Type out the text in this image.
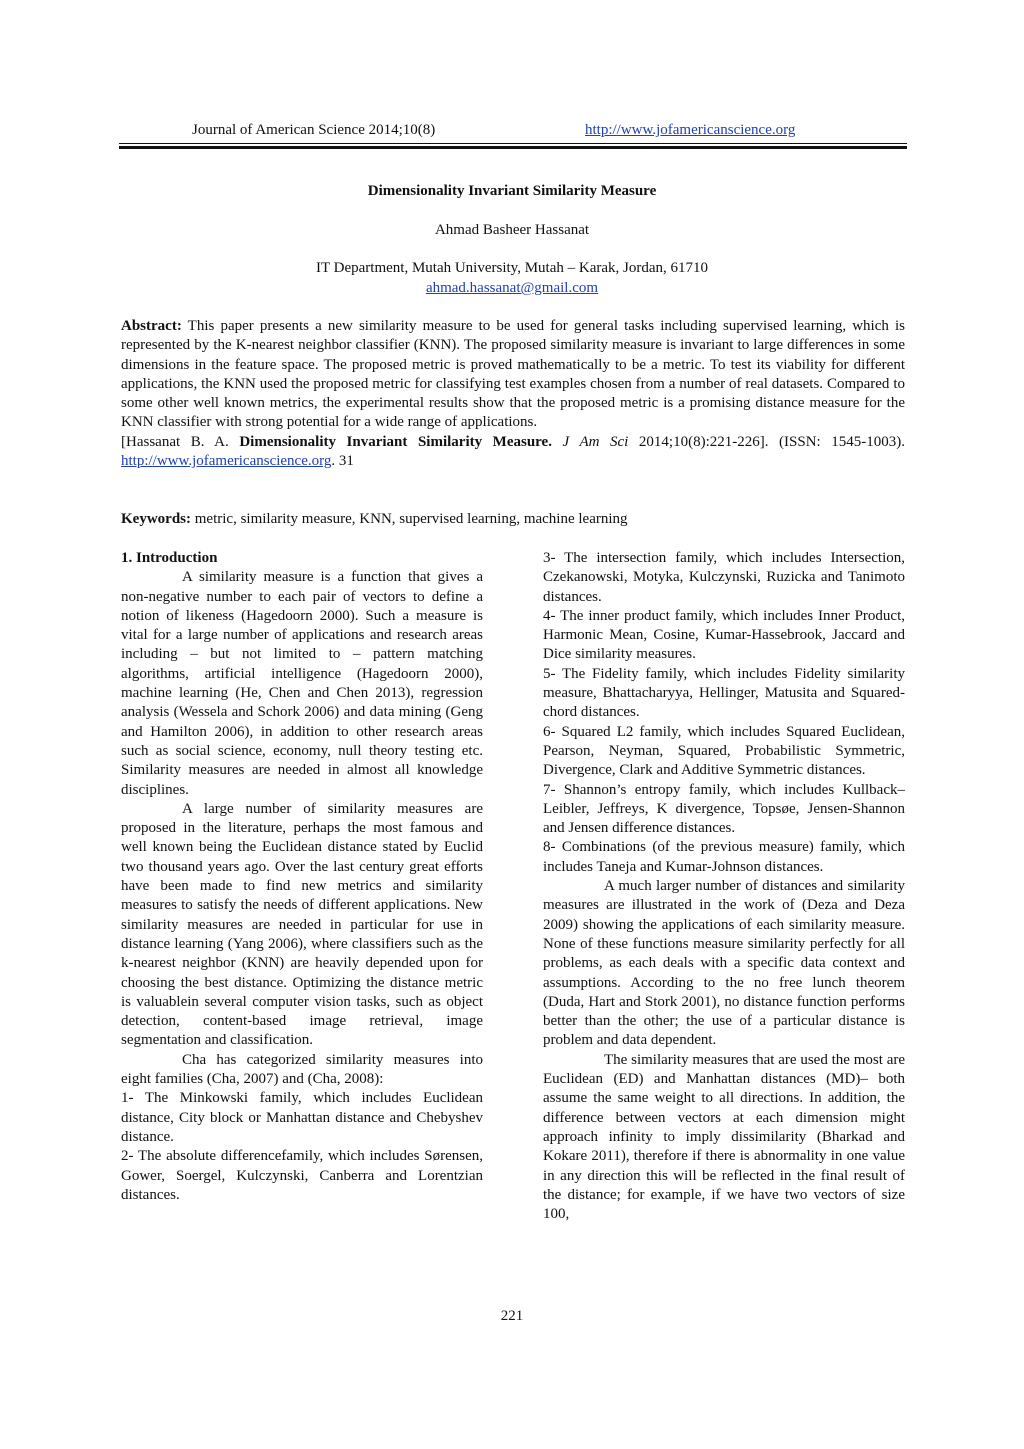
Journal of American Science 2014;10(8)	http://www.jofamericanscience.org
Dimensionality Invariant Similarity Measure
Ahmad Basheer Hassanat
IT Department, Mutah University, Mutah – Karak, Jordan, 61710
ahmad.hassanat@gmail.com

Abstract: This paper presents a new similarity measure to be used for general tasks including supervised learning, which is represented by the K-nearest neighbor classifier (KNN). The proposed similarity measure is invariant to large differences in some dimensions in the feature space. The proposed metric is proved mathematically to be a metric. To test its viability for different applications, the KNN used the proposed metric for classifying test examples chosen from a number of real datasets. Compared to some other well known metrics, the experimental results show that the proposed metric is a promising distance measure for the KNN classifier with strong potential for a wide range of applications.

[Hassanat B. A. Dimensionality Invariant Similarity Measure. J Am Sci 2014;10(8):221-226]. (ISSN: 1545-1003). http://www.jofamericanscience.org. 31

Keywords: metric, similarity measure, KNN, supervised learning, machine learning

1. Introduction

A similarity measure is a function that gives a non-negative number to each pair of vectors to define a notion of likeness (Hagedoorn 2000). Such a measure is vital for a large number of applications and research areas including – but not limited to – pattern matching algorithms, artificial intelligence (Hagedoorn 2000), machine learning (He, Chen and Chen 2013), regression analysis (Wessela and Schork 2006) and data mining (Geng and Hamilton 2006), in addition to other research areas such as social science, economy, null theory testing etc. Similarity measures are needed in almost all knowledge disciplines.

A large number of similarity measures are proposed in the literature, perhaps the most famous and well known being the Euclidean distance stated by Euclid two thousand years ago. Over the last century great efforts have been made to find new metrics and similarity measures to satisfy the needs of different applications. New similarity measures are needed in particular for use in distance learning (Yang 2006), where classifiers such as the k-nearest neighbor (KNN) are heavily depended upon for choosing the best distance. Optimizing the distance metric is valuablein several computer vision tasks, such as object detection, content-based image retrieval, image segmentation and classification.

Cha has categorized similarity measures into eight families (Cha, 2007) and (Cha, 2008):

1- The Minkowski family, which includes Euclidean distance, City block or Manhattan distance and Chebyshev distance.

2- The absolute differencefamily, which includes Sørensen, Gower, Soergel, Kulczynski, Canberra and Lorentzian distances.

3- The intersection family, which includes Intersection, Czekanowski, Motyka, Kulczynski, Ruzicka and Tanimoto distances.

4- The inner product family, which includes Inner Product, Harmonic Mean, Cosine, Kumar-Hassebrook, Jaccard and Dice similarity measures.

5- The Fidelity family, which includes Fidelity similarity measure, Bhattacharyya, Hellinger, Matusita and Squared-chord distances.

6- Squared L2 family, which includes Squared Euclidean, Pearson, Neyman, Squared, Probabilistic Symmetric, Divergence, Clark and Additive Symmetric distances.

7- Shannon’s entropy family, which includes Kullback–Leibler, Jeffreys, K divergence, Topsøe, Jensen-Shannon and Jensen difference distances.

8- Combinations (of the previous measure) family, which includes Taneja and Kumar-Johnson distances.

A much larger number of distances and similarity measures are illustrated in the work of (Deza and Deza 2009) showing the applications of each similarity measure. None of these functions measure similarity perfectly for all problems, as each deals with a specific data context and assumptions. According to the no free lunch theorem (Duda, Hart and Stork 2001), no distance function performs better than the other; the use of a particular distance is problem and data dependent.

The similarity measures that are used the most are Euclidean (ED) and Manhattan distances (MD)– both assume the same weight to all directions. In addition, the difference between vectors at each dimension might approach infinity to imply dissimilarity (Bharkad and Kokare 2011), therefore if there is abnormality in one value in any direction this will be reflected in the final result of the distance; for example, if we have two vectors of size 100,

221
